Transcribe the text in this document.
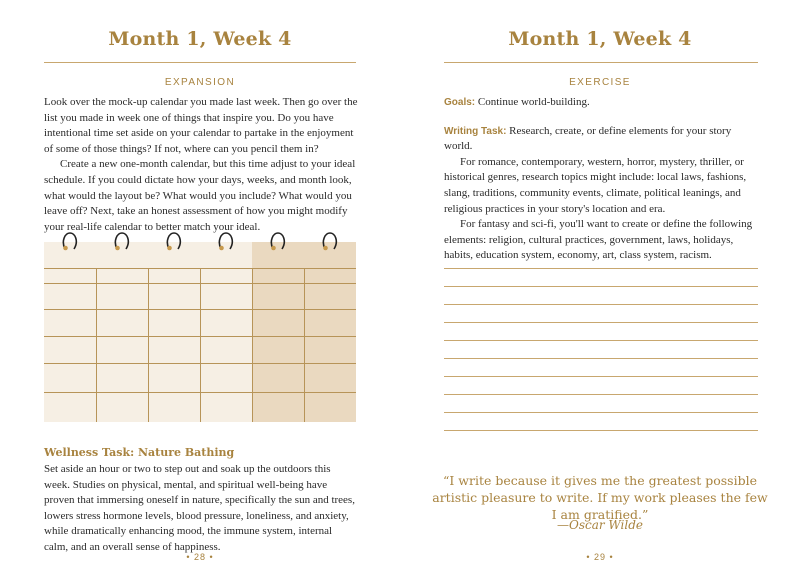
Month 1, Week 4
EXPANSION

Look over the mock-up calendar you made last week. Then go over the list you made in week one of things that inspire you. Do you have intentional time set aside on your calendar to partake in the enjoyment of some of those things? If not, where can you pencil them in?

Create a new one-month calendar, but this time adjust to your ideal schedule. If you could dictate how your days, weeks, and month look, what would the layout be? What would you include? What would you leave off? Next, take an honest assessment of how you might modify your real-life calendar to better match your ideal.

Wellness Task: Nature Bathing

Set aside an hour or two to step out and soak up the outdoors this week. Studies on physical, mental, and spiritual well-being have proven that immersing oneself in nature, specifically the sun and trees, lowers stress hormone levels, blood pressure, loneliness, and anxiety, while dramatically enhancing mood, the immune system, internal calm, and an overall sense of happiness.

• 28 •
Month 1, Week 4
EXERCISE

Goals: Continue world-building.

Writing Task: Research, create, or define elements for your story world.

For romance, contemporary, western, horror, mystery, thriller, or historical genres, research topics might include: local laws, fashions, slang, traditions, community events, climate, political leanings, and religious practices in your story's location and era.

For fantasy and sci-fi, you'll want to create or define the following elements: religion, cultural practices, government, laws, holidays, habits, education system, economy, art, class system, racism.

“I write because it gives me the greatest possible artistic pleasure to write. If my work pleases the few I am gratified.”
—Oscar Wilde
• 29 •
